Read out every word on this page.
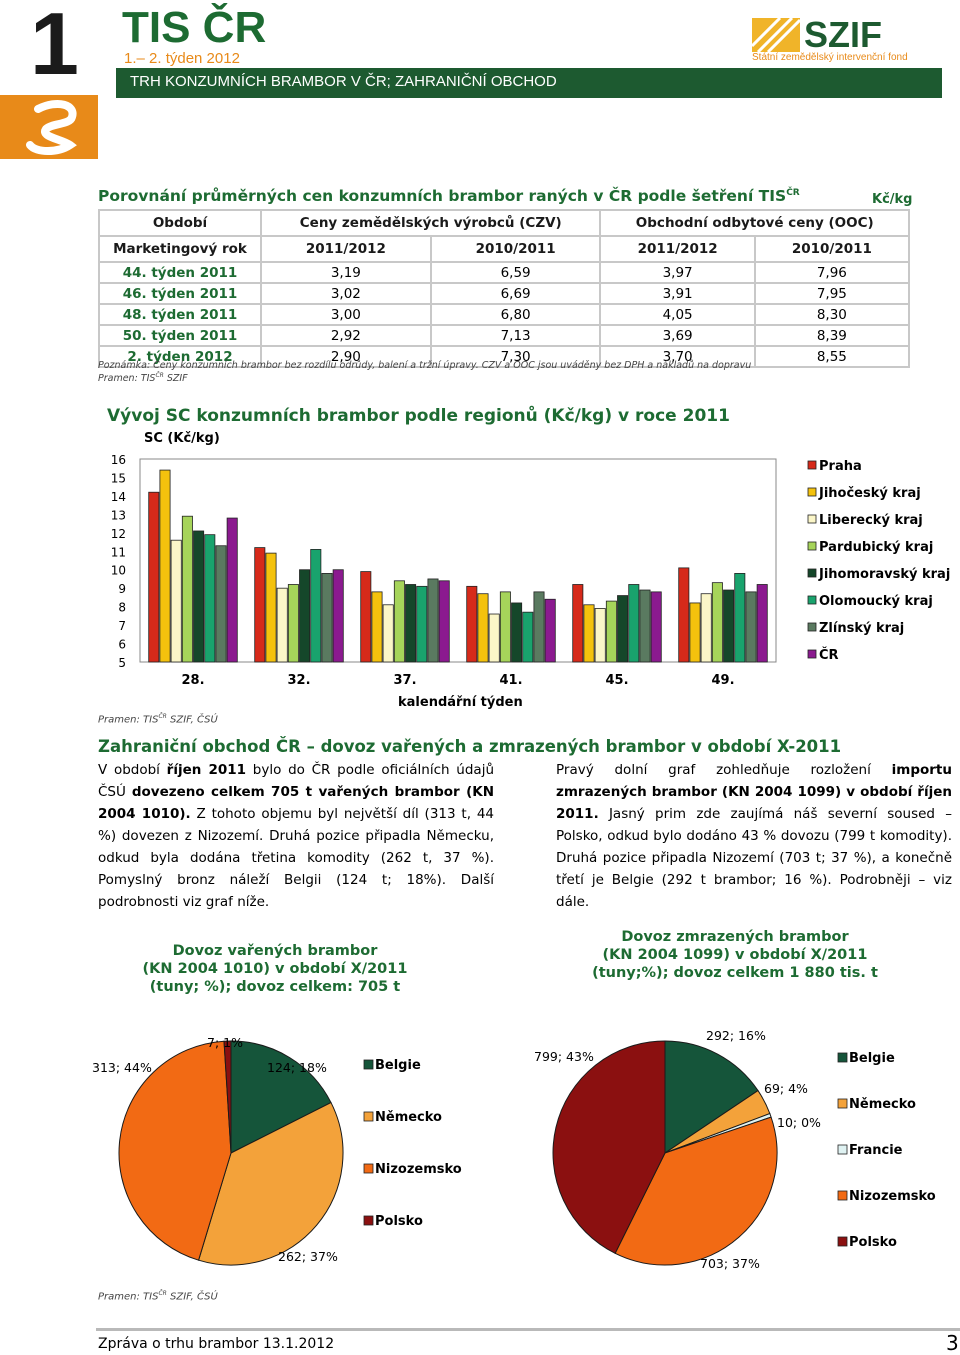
1 TIS ČR
1.– 2. týden 2012
TRH KONZUMNÍCH BRAMBOR V ČR; ZAHRANIČNÍ OBCHOD
SZIF
Státní zemědělský intervenční fond
Porovnání průměrných cen konzumních brambor raných v ČR podle šetření $TIS^{ČR}$	Kč/kg
Období	Ceny zemědělských výrobců (CZV)		Obchodní odbytové ceny (OOC)	
Marketingový rok	2011/2012	2010/2011	2011/2012	2010/2011
44. týden 2011	3,19	6,59	3,97	7,96
46. týden 2011	3,02	6,69	3,91	7,95
48. týden 2011	3,00	6,80	4,05	8,30
50. týden 2011	2,92	7,13	3,69	8,39
2. týden 2012	2,90	7,30	3,70	8,55
Poznámka: Ceny konzumních brambor bez rozdílu odrůdy, balení a tržní úpravy. CZV a OOC jsou uváděny bez DPH a nákladů na dopravu
Pramen: $TIS^{ČR}$ SZIF
Vývoj SC konzumních brambor podle regionů (Kč/kg) v roce 2011
SC (Kč/kg)
5
6
7
8
9
10
11
12
13
14
15
16
28.	32.	37.	41.	45.	49.
Praha
Jihočeský kraj
Liberecký kraj
Pardubický kraj
Jihomoravský kraj
Olomoucký kraj
Zlínský kraj
ČR
kalendářní týden
Pramen: $TIS^{ČR}$ SZIF, ČSÚ
Zahraniční obchod ČR – dovoz vařených a zmrazených brambor v období X-2011
V období říjen 2011 bylo do ČR podle oficiálních údajů ČSÚ dovezeno celkem 705 t vařených brambor (KN 2004 1010). Z tohoto objemu byl největší díl (313 t, 44 %) dovezen z Nizozemí. Druhá pozice připadla Německu, odkud byla dodána třetina komodity (262 t, 37 %). Pomyslný bronz náleží Belgii (124 t; 18%). Další podrobnosti viz graf níže.
Pravý dolní graf zohledňuje rozložení importu zmrazených brambor (KN 2004 1099) v období říjen 2011. Jasný prim zde zaujímá náš severní soused – Polsko, odkud bylo dodáno 43 % dovozu (799 t komodity). Druhá pozice připadla Nizozemí (703 t; 37 %), a konečně třetí je Belgie (292 t brambor; 16 %). Podrobněji – viz dále.
Dovoz vařených brambor
(KN 2004 1010) v období X/2011
(tuny; %); dovoz celkem: 705 t
Dovoz zmrazených brambor
(KN 2004 1099) v období X/2011
(tuny;%); dovoz celkem 1 880 tis. t
124; 18%
262; 37%
313; 44%
7; 1%
Belgie
Německo
Nizozemsko
Polsko
292; 16%
69; 4%
10; 0%
703; 37%
799; 43%	Belgie
Německo
Francie
Nizozemsko
Polsko
Pramen: $TIS^{ČR}$ SZIF, ČSÚ
Zpráva o trhu brambor 13.1.2012	3
